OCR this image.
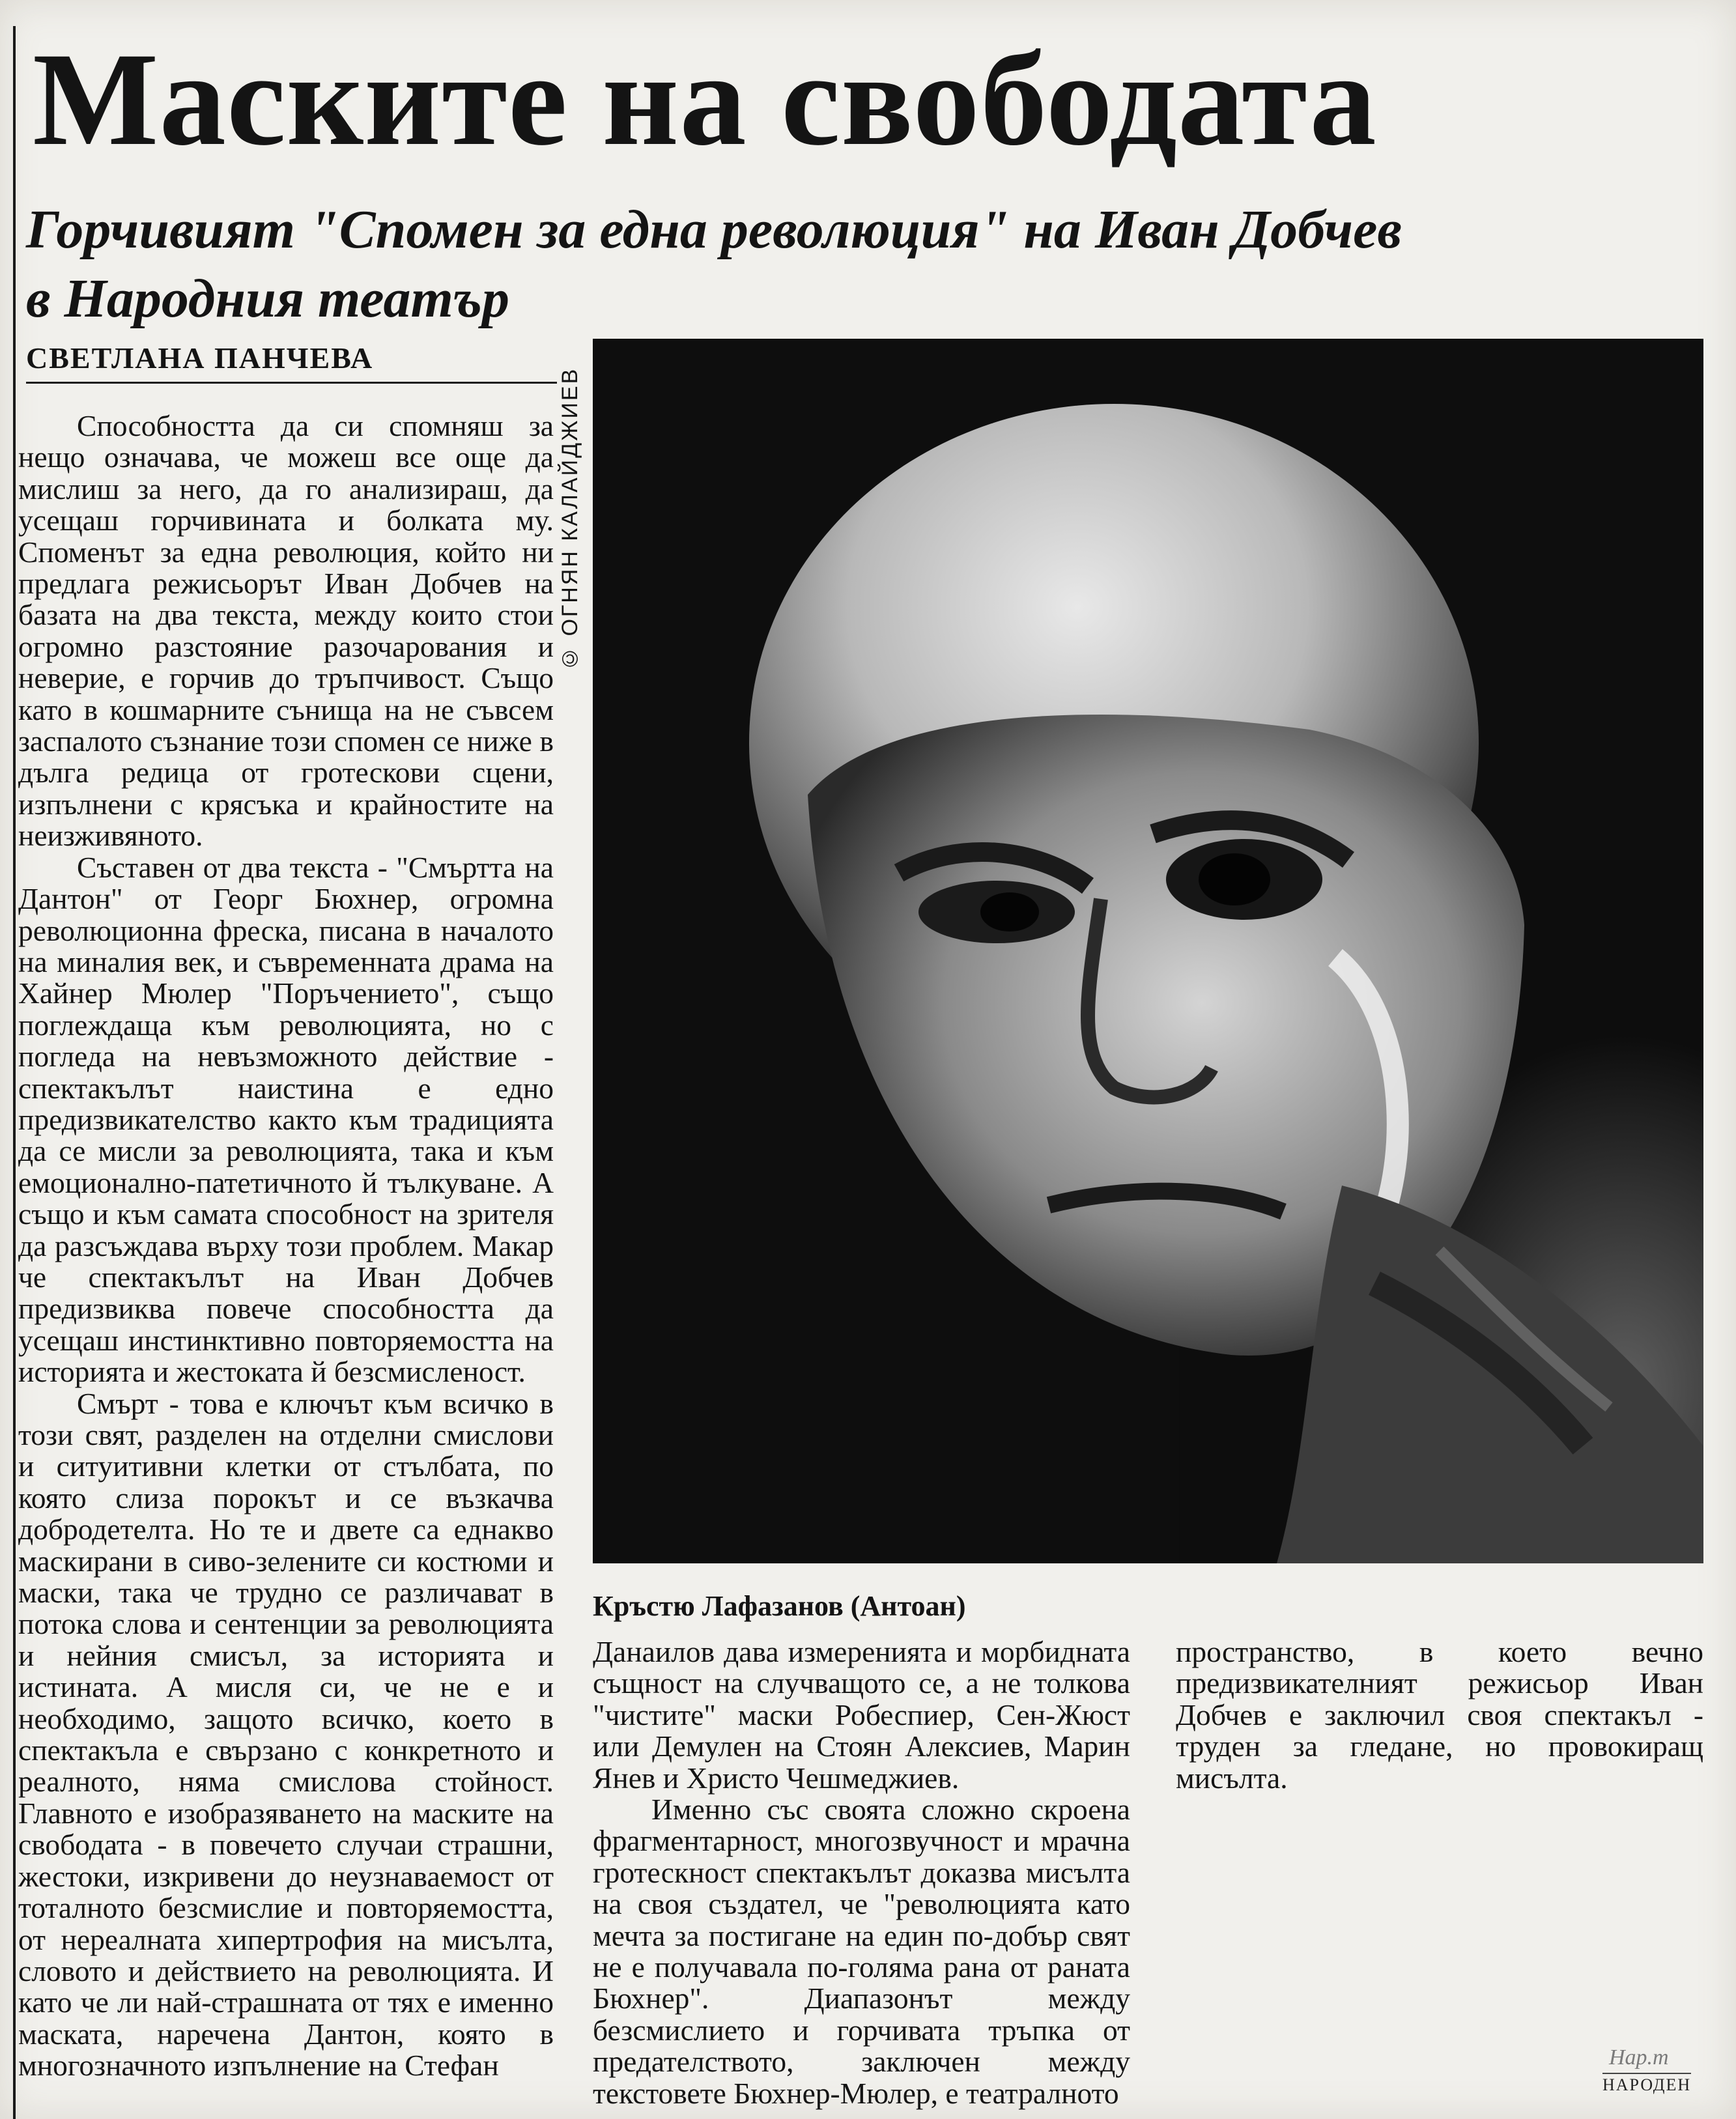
Маските на свободата
Горчивият "Спомен за една революция" на Иван Добчев
в Народния театър
СВЕТЛАНА ПАНЧЕВА
© ОГНЯН КАЛАЙДЖИЕВ
Кръстю Лафазанов (Антоан)

Способността да си спомняш за нещо означава, че можеш все още да мислиш за него, да го анализираш, да усещаш горчивината и болката му. Споменът за една революция, който ни предлага режисьорът Иван Добчев на базата на два текста, между които стои огромно разстояние разочарования и неверие, е горчив до тръпчивост. Също като в кошмарните сънища на не съвсем заспалото съзнание този спомен се ниже в дълга редица от гротескови сцени, изпълнени с крясъка и крайностите на неизживяното.

Съставен от два текста - "Смъртта на Дантон" от Георг Бюхнер, огромна революционна фреска, писана в началото на миналия век, и съвременната драма на Хайнер Мюлер "Поръчението", също поглеждаща към революцията, но с погледа на невъзможното действие - спектакълът наистина е едно предизвикателство както към традицията да се мисли за революцията, така и към емоционално-патетичното й тълкуване. А също и към самата способност на зрителя да разсъждава върху този проблем. Макар че спектакълът на Иван Добчев предизвиква повече способността да усещаш инстинктивно повторяемостта на историята и жестоката й безсмисленост.

Смърт - това е ключът към всичко в този свят, разделен на отделни смислови и ситуитивни клетки от стълбата, по която слиза порокът и се възкачва добродетелта. Но те и двете са еднакво маскирани в сиво-зелените си костюми и маски, така че трудно се различават в потока слова и сентенции за революцията и нейния смисъл, за историята и истината. А мисля си, че не е и необходимо, защото всичко, което в спектакъла е свързано с конкретното и реалното, няма смислова стойност. Главното е изобразяването на маските на свободата - в повечето случаи страшни, жестоки, изкривени до неузнаваемост от тоталното безсмислие и повторяемостта, от нереалната хипертрофия на мисълта, словото и действието на революцията. И като че ли най-страшната от тях е именно маската, наречена Дантон, която в многозначното изпълнение на Стефан

Данаилов дава измеренията и морбидната същност на случващото се, а не толкова "чистите" маски Робеспиер, Сен-Жюст или Демулен на Стоян Алексиев, Марин Янев и Христо Чешмеджиев.

Именно със своята сложно скроена фрагментарност, многозвучност и мрачна гротескност спектакълът доказва мисълта на своя създател, че "революцията като мечта за постигане на един по-добър свят не е получавала по-голяма рана от раната Бюхнер". Диапазонът между безсмислието и горчивата тръпка от предателството, заключен между текстовете Бюхнер-Мюлер, е театралното

пространство, в което вечно предизвикателният режисьор Иван Добчев е заключил своя спектакъл - труден за гледане, но провокиращ мисълта.

Нар.т
НАРОДЕН
